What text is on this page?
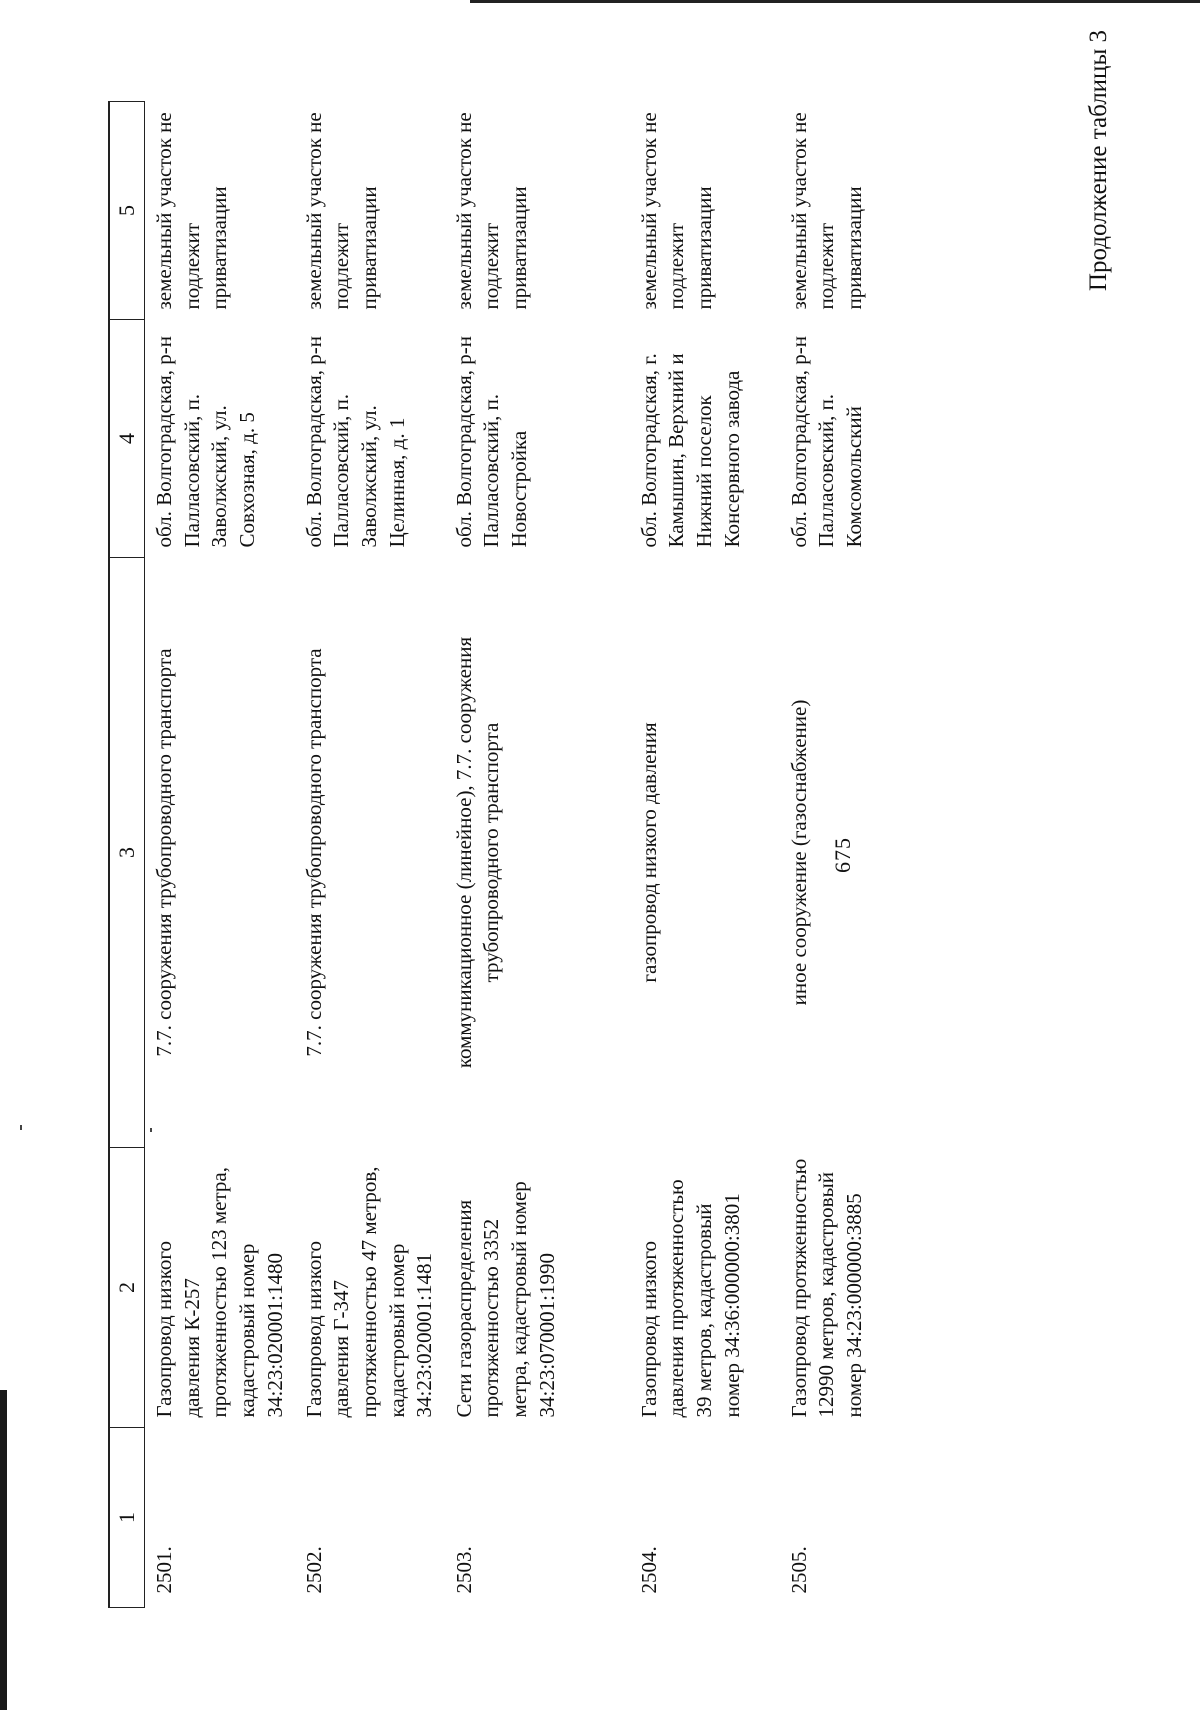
675
Продолжение таблицы 3
1	2	3	4	5
2501.	Газопровод низкого давления К-257 протяженностью 123 метра, кадастровый номер 34:23:020001:1480	7.7. сооружения трубопроводного транспорта	обл. Волгоградская, р-н Палласовский, п. Заволжский, ул. Совхозная, д. 5	земельный участок не подлежит приватизации
2502.	Газопровод низкого давления Г-347 протяженностью 47 метров, кадастровый номер 34:23:020001:1481	7.7. сооружения трубопроводного транспорта	обл. Волгоградская, р-н Палласовский, п. Заволжский, ул. Целинная, д. 1	земельный участок не подлежит приватизации
2503.	Сети газораспределения протяженностью 3352 метра, кадастровый номер 34:23:070001:1990	коммуникационное (линейное), 7.7. сооружения трубопроводного транспорта	обл. Волгоградская, р-н Палласовский, п. Новостройка	земельный участок не подлежит приватизации
2504.	Газопровод низкого давления протяженностью 39 метров, кадастровый номер 34:36:000000:3801	газопровод низкого давления	обл. Волгоградская, г. Камышин, Верхний и Нижний поселок Консервного завода	земельный участок не подлежит приватизации
2505.	Газопровод протяженностью 12990 метров, кадастровый номер 34:23:000000:3885	иное сооружение (газоснабжение)	обл. Волгоградская, р-н Палласовский, п. Комсомольский	земельный участок не подлежит приватизации
